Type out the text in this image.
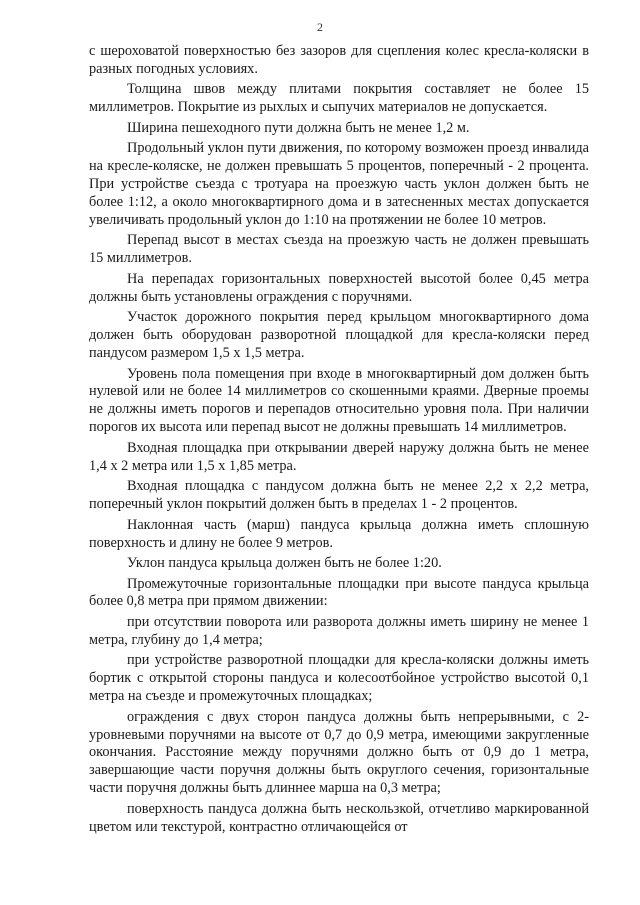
2

с шероховатой поверхностью без зазоров для сцепления колес кресла-коляски в разных погодных условиях.

Толщина швов между плитами покрытия составляет не более 15 миллиметров. Покрытие из рыхлых и сыпучих материалов не допускается.

Ширина пешеходного пути должна быть не менее 1,2 м.

Продольный уклон пути движения, по которому возможен проезд инвалида на кресле-коляске, не должен превышать 5 процентов, поперечный - 2 процента. При устройстве съезда с тротуара на проезжую часть уклон должен быть не более 1:12, а около многоквартирного дома и в затесненных местах допускается увеличивать продольный уклон до 1:10 на протяжении не более 10 метров.

Перепад высот в местах съезда на проезжую часть не должен превышать 15 миллиметров.

На перепадах горизонтальных поверхностей высотой более 0,45 метра должны быть установлены ограждения с поручнями.

Участок дорожного покрытия перед крыльцом многоквартирного дома должен быть оборудован разворотной площадкой для кресла-коляски перед пандусом размером 1,5 х 1,5 метра.

Уровень пола помещения при входе в многоквартирный дом должен быть нулевой или не более 14 миллиметров со скошенными краями. Дверные проемы не должны иметь порогов и перепадов относительно уровня пола. При наличии порогов их высота или перепад высот не должны превышать 14 миллиметров.

Входная площадка при открывании дверей наружу должна быть не менее 1,4 х 2 метра или 1,5 х 1,85 метра.

Входная площадка с пандусом должна быть не менее 2,2 х 2,2 метра, поперечный уклон покрытий должен быть в пределах 1 - 2 процентов.

Наклонная часть (марш) пандуса крыльца должна иметь сплошную поверхность и длину не более 9 метров.

Уклон пандуса крыльца должен быть не более 1:20.

Промежуточные горизонтальные площадки при высоте пандуса крыльца более 0,8 метра при прямом движении:

при отсутствии поворота или разворота должны иметь ширину не менее 1 метра, глубину до 1,4 метра;

при устройстве разворотной площадки для кресла-коляски должны иметь бортик с открытой стороны пандуса и колесоотбойное устройство высотой 0,1 метра на съезде и промежуточных площадках;

ограждения с двух сторон пандуса должны быть непрерывными, с 2-уровневыми поручнями на высоте от 0,7 до 0,9 метра, имеющими закругленные окончания. Расстояние между поручнями должно быть от 0,9 до 1 метра, завершающие части поручня должны быть округлого сечения, горизонтальные части поручня должны быть длиннее марша на 0,3 метра;

поверхность пандуса должна быть нескользкой, отчетливо маркированной цветом или текстурой, контрастно отличающейся от
